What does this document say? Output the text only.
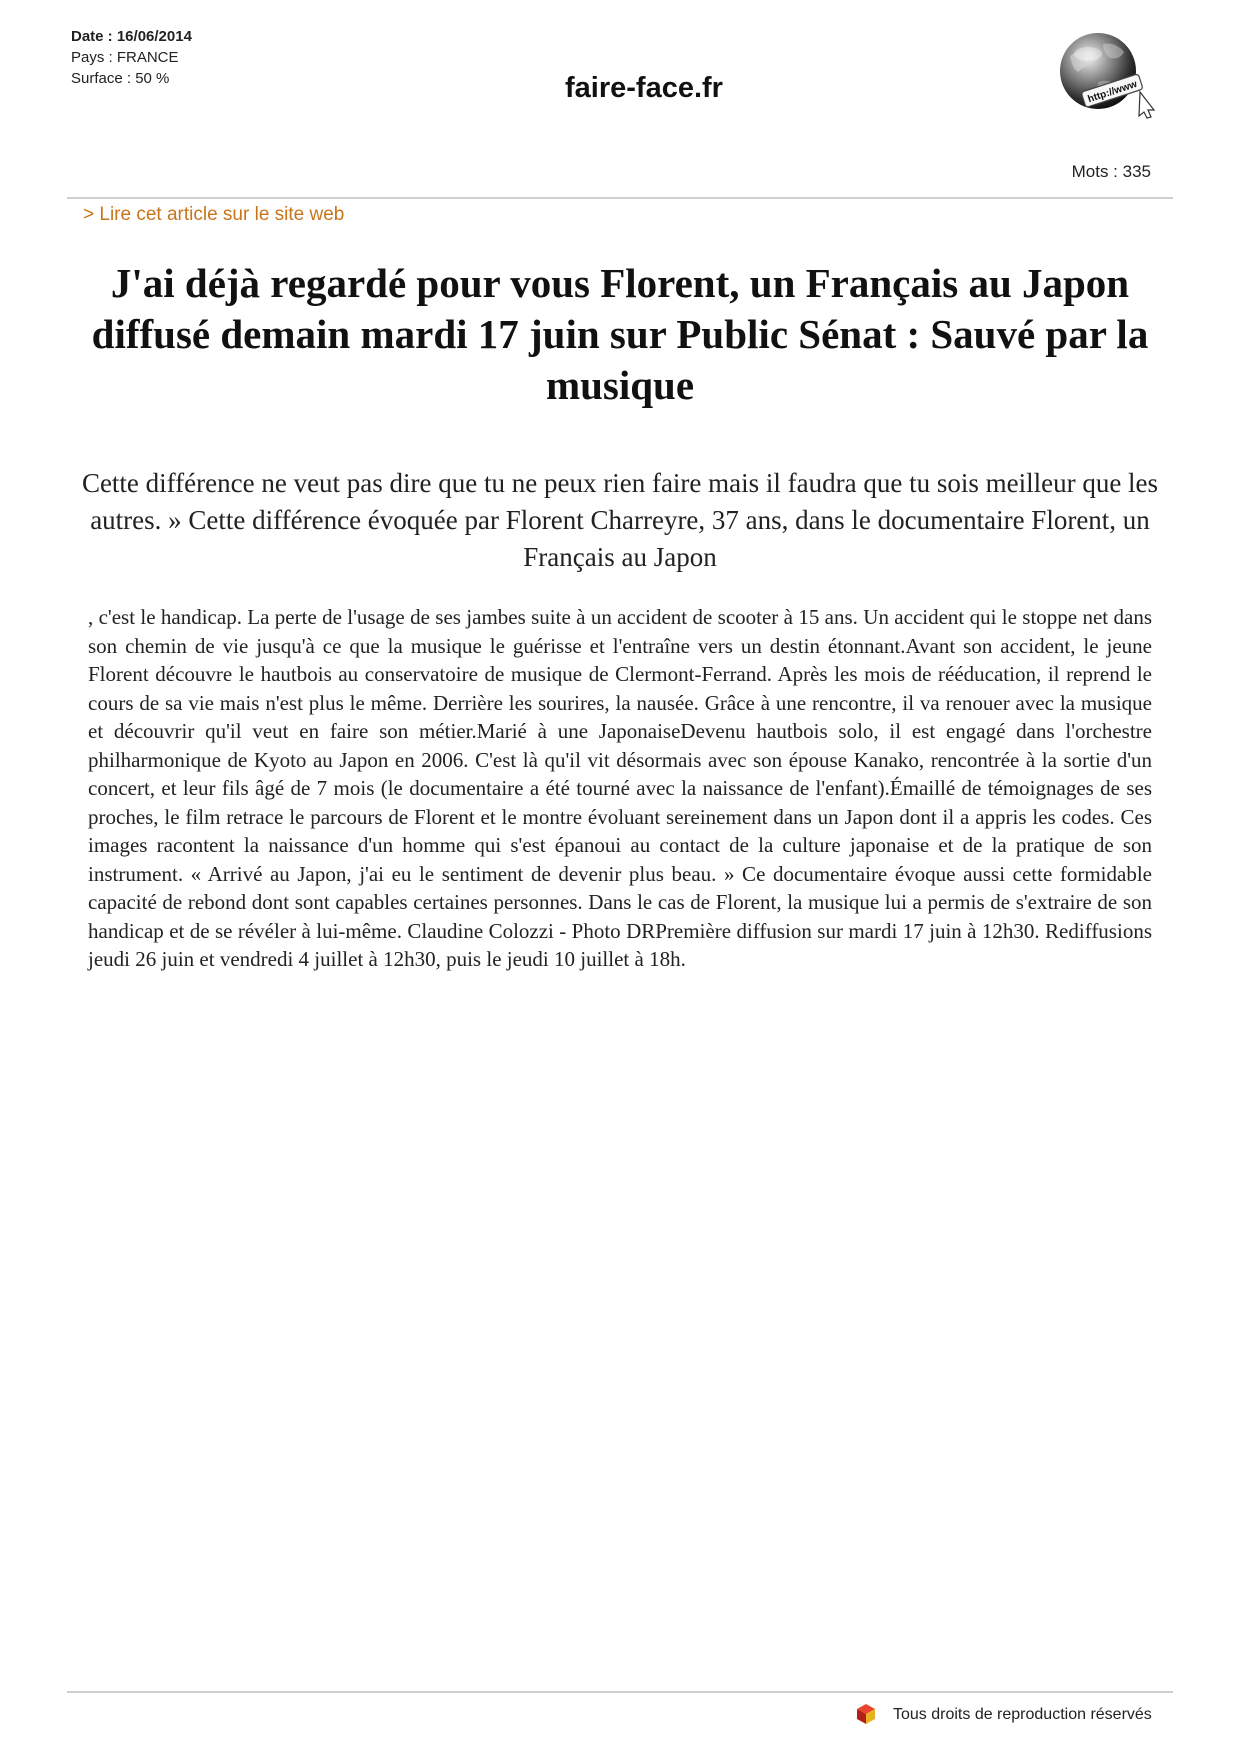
Date : 16/06/2014
Pays : FRANCE
Surface : 50 %	faire-face.fr	http://www
Mots : 335
> Lire cet article sur le site web
J'ai déjà regardé pour vous Florent, un Français au Japon diffusé demain mardi 17 juin sur Public Sénat : Sauvé par la musique

Cette différence ne veut pas dire que tu ne peux rien faire mais il faudra que tu sois meilleur que les autres. » Cette différence évoquée par Florent Charreyre, 37 ans, dans le documentaire Florent, un Français au Japon

, c'est le handicap. La perte de l'usage de ses jambes suite à un accident de scooter à 15 ans. Un accident qui le stoppe net dans son chemin de vie jusqu'à ce que la musique le guérisse et l'entraîne vers un destin étonnant.Avant son accident, le jeune Florent découvre le hautbois au conservatoire de musique de Clermont-Ferrand. Après les mois de rééducation, il reprend le cours de sa vie mais n'est plus le même. Derrière les sourires, la nausée. Grâce à une rencontre, il va renouer avec la musique et découvrir qu'il veut en faire son métier.Marié à une JaponaiseDevenu hautbois solo, il est engagé dans l'orchestre philharmonique de Kyoto au Japon en 2006. C'est là qu'il vit désormais avec son épouse Kanako, rencontrée à la sortie d'un concert, et leur fils âgé de 7 mois (le documentaire a été tourné avec la naissance de l'enfant).Émaillé de témoignages de ses proches, le film retrace le parcours de Florent et le montre évoluant sereinement dans un Japon dont il a appris les codes. Ces images racontent la naissance d'un homme qui s'est épanoui au contact de la culture japonaise et de la pratique de son instrument. « Arrivé au Japon, j'ai eu le sentiment de devenir plus beau. » Ce documentaire évoque aussi cette formidable capacité de rebond dont sont capables certaines personnes. Dans le cas de Florent, la musique lui a permis de s'extraire de son handicap et de se révéler à lui-même. Claudine Colozzi - Photo DRPremière diffusion sur mardi 17 juin à 12h30. Rediffusions jeudi 26 juin et vendredi 4 juillet à 12h30, puis le jeudi 10 juillet à 18h.

Tous droits de reproduction réservés
